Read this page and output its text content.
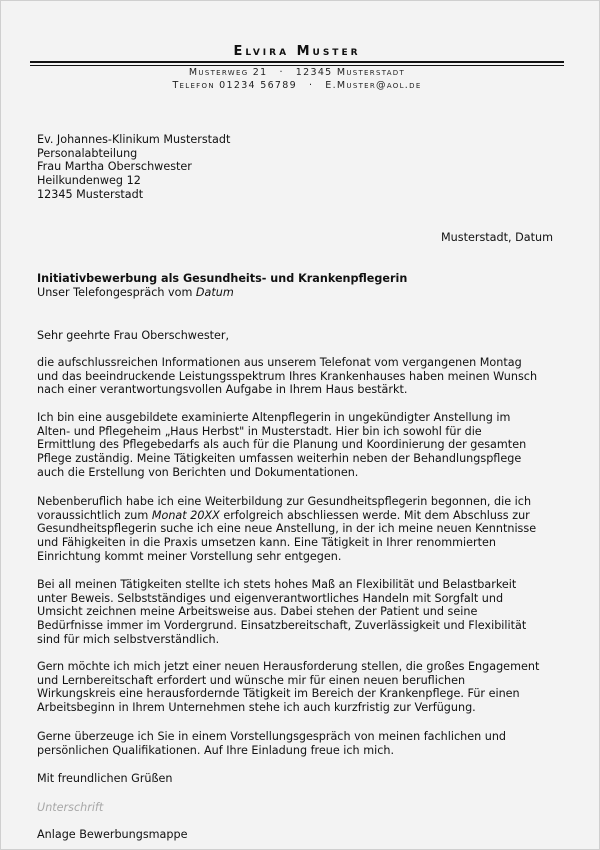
Elvira Muster
Musterweg 21 · 12345 Musterstadt
Telefon 01234 56789 · E.Muster@aol.de
Ev. Johannes-Klinikum Musterstadt
Personalabteilung
Frau Martha Oberschwester
Heilkundenweg 12
12345 Musterstadt
Musterstadt, Datum
Initiativbewerbung als Gesundheits- und Krankenpflegerin
Unser Telefongespräch vom Datum
Sehr geehrte Frau Oberschwester,
die aufschlussreichen Informationen aus unserem Telefonat vom vergangenen Montag
und das beeindruckende Leistungsspektrum Ihres Krankenhauses haben meinen Wunsch
nach einer verantwortungsvollen Aufgabe in Ihrem Haus bestärkt.
Ich bin eine ausgebildete examinierte Altenpflegerin in ungekündigter Anstellung im
Alten- und Pflegeheim „Haus Herbst" in Musterstadt. Hier bin ich sowohl für die
Ermittlung des Pflegebedarfs als auch für die Planung und Koordinierung der gesamten
Pflege zuständig. Meine Tätigkeiten umfassen weiterhin neben der Behandlungspflege
auch die Erstellung von Berichten und Dokumentationen.
Nebenberuflich habe ich eine Weiterbildung zur Gesundheitspflegerin begonnen, die ich
voraussichtlich zum Monat 20XX erfolgreich abschliessen werde. Mit dem Abschluss zur
Gesundheitspflegerin suche ich eine neue Anstellung, in der ich meine neuen Kenntnisse
und Fähigkeiten in die Praxis umsetzen kann. Eine Tätigkeit in Ihrer renommierten
Einrichtung kommt meiner Vorstellung sehr entgegen.
Bei all meinen Tätigkeiten stellte ich stets hohes Maß an Flexibilität und Belastbarkeit
unter Beweis. Selbstständiges und eigenverantwortliches Handeln mit Sorgfalt und
Umsicht zeichnen meine Arbeitsweise aus. Dabei stehen der Patient und seine
Bedürfnisse immer im Vordergrund. Einsatzbereitschaft, Zuverlässigkeit und Flexibilität
sind für mich selbstverständlich.
Gern möchte ich mich jetzt einer neuen Herausforderung stellen, die großes Engagement
und Lernbereitschaft erfordert und wünsche mir für einen neuen beruflichen
Wirkungskreis eine herausfordernde Tätigkeit im Bereich der Krankenpflege. Für einen
Arbeitsbeginn in Ihrem Unternehmen stehe ich auch kurzfristig zur Verfügung.
Gerne überzeuge ich Sie in einem Vorstellungsgespräch von meinen fachlichen und
persönlichen Qualifikationen. Auf Ihre Einladung freue ich mich.
Mit freundlichen Grüßen
Unterschrift
Anlage Bewerbungsmappe
